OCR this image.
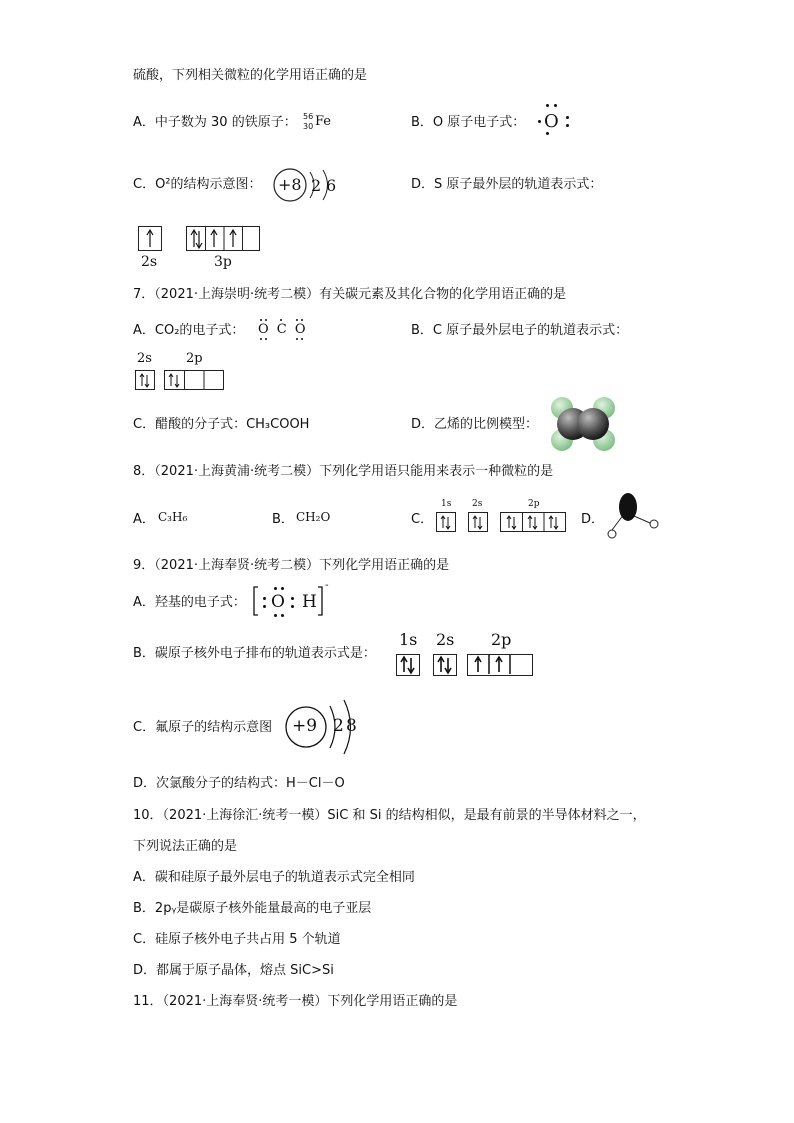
硫酸，下列相关微粒的化学用语正确的是
A．中子数为 30 的铁原子： 56
30 Fe	B．O 原子电子式： O
C．O²的结构示意图： +8 2 6	D．S 原子最外层的轨道表示式：
2s	3p
7．（2021·上海崇明·统考二模）有关碳元素及其化合物的化学用语正确的是
A．CO₂的电子式： O C O	B．C 原子最外层电子的轨道表示式：
2s	2p
C．醋酸的分子式：CH₃COOH	D．乙烯的比例模型：
8．（2021·上海黄浦·统考二模）下列化学用语只能用来表示一种微粒的是
A． C₃H₆	B． CH₂O	C．
1s 2s	2p
D．
9．（2021·上海奉贤·统考二模）下列化学用语正确的是
A．羟基的电子式： O H
-
1s 2s 2p
B．碳原子核外电子排布的轨道表示式是：
C．氟原子的结构示意图 +9 2 8
D．次氯酸分子的结构式：H－Cl－O
10．（2021·上海徐汇·统考一模）SiC 和 Si 的结构相似，是最有前景的半导体材料之一，
下列说法正确的是
A．碳和硅原子最外层电子的轨道表示式完全相同
B．2pᵧ是碳原子核外能量最高的电子亚层
C．硅原子核外电子共占用 5 个轨道
D．都属于原子晶体，熔点 SiC>Si
11．（2021·上海奉贤·统考一模）下列化学用语正确的是
